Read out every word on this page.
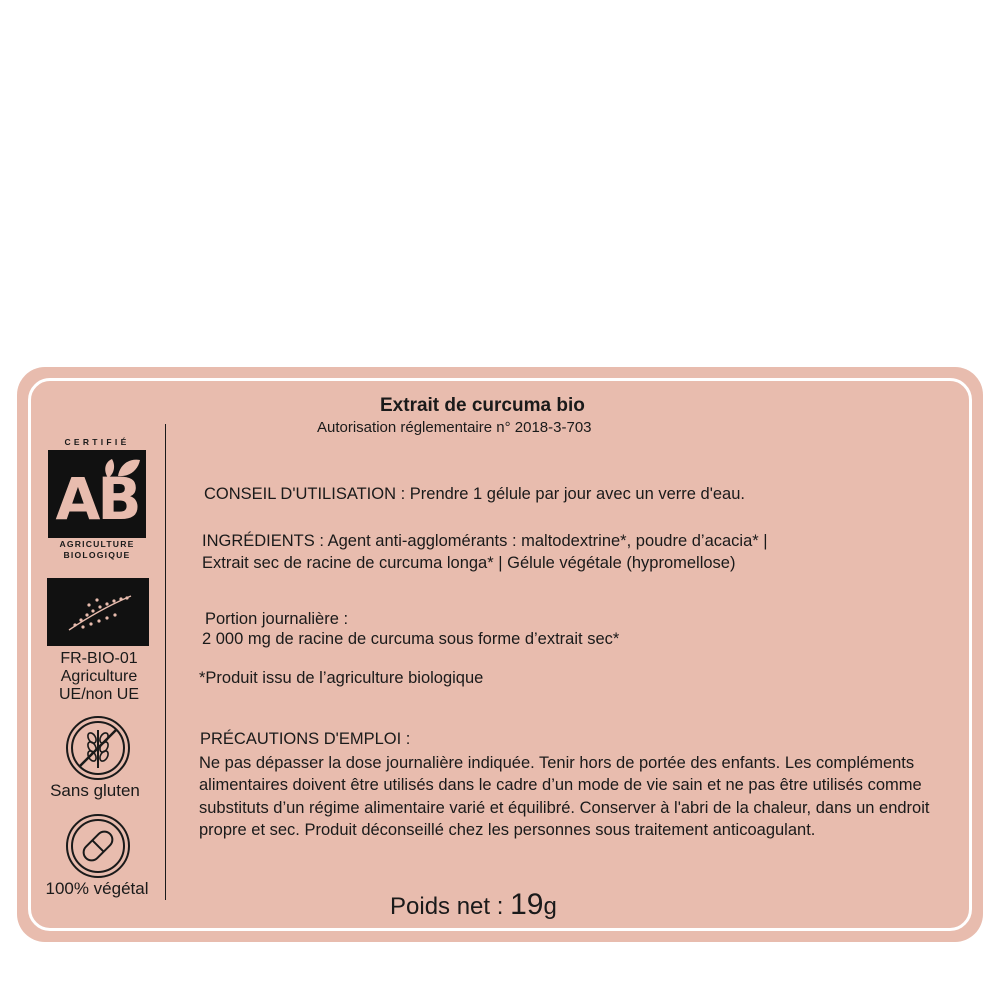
CERTIFIÉ
AB
AGRICULTURE
BIOLOGIQUE
FR-BIO-01
Agriculture
UE/non UE
Sans gluten
100% végétal
Extrait de curcuma bio
Autorisation réglementaire n° 2018-3-703
CONSEIL D'UTILISATION : Prendre 1 gélule par jour avec un verre d'eau.
INGRÉDIENTS : Agent anti-agglomérants : maltodextrine*, poudre d’acacia* |
Extrait sec de racine de curcuma longa* | Gélule végétale (hypromellose)
Portion journalière :
2 000 mg de racine de curcuma sous forme d’extrait sec*
*Produit issu de l’agriculture biologique
PRÉCAUTIONS D'EMPLOI :
Ne pas dépasser la dose journalière indiquée. Tenir hors de portée des enfants. Les compléments alimentaires doivent être utilisés dans le cadre d’un mode de vie sain et ne pas être utilisés comme substituts d’un régime alimentaire varié et équilibré. Conserver à l'abri de la chaleur, dans un endroit propre et sec. Produit déconseillé chez les personnes sous traitement anticoagulant.
Poids net : 19g
